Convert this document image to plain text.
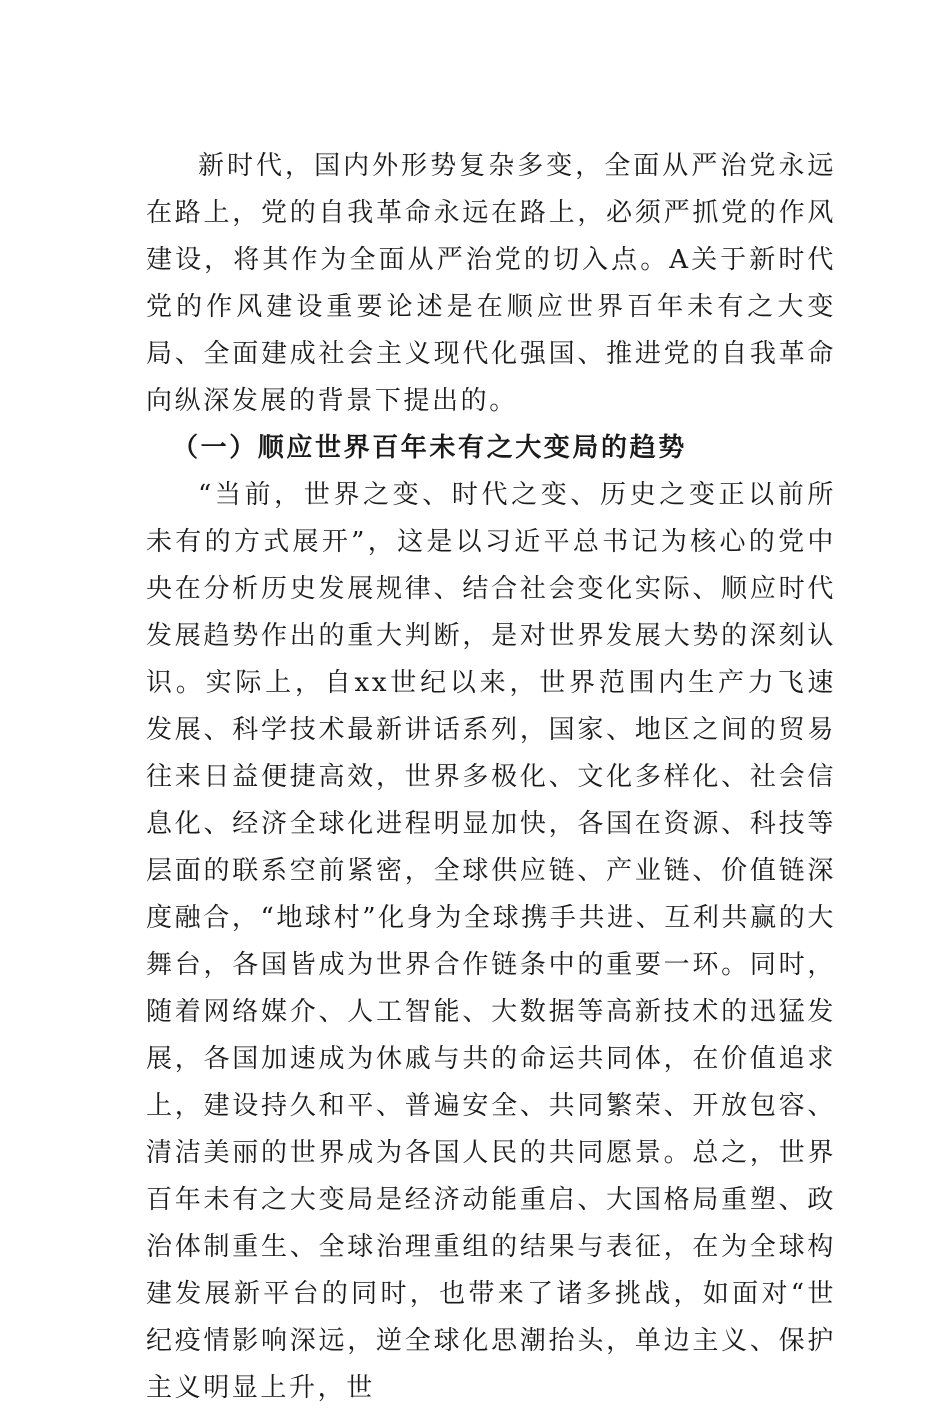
新时代，国内外形势复杂多变，全面从严治党永远在路上，党的自我革命永远在路上，必须严抓党的作风建设，将其作为全面从严治党的切入点。A关于新时代党的作风建设重要论述是在顺应世界百年未有之大变局、全面建成社会主义现代化强国、推进党的自我革命向纵深发展的背景下提出的。

（一）顺应世界百年未有之大变局的趋势

“当前，世界之变、时代之变、历史之变正以前所未有的方式展开”，这是以习近平总书记为核心的党中央在分析历史发展规律、结合社会变化实际、顺应时代发展趋势作出的重大判断，是对世界发展大势的深刻认识。实际上，自xx世纪以来，世界范围内生产力飞速发展、科学技术最新讲话系列，国家、地区之间的贸易往来日益便捷高效，世界多极化、文化多样化、社会信息化、经济全球化进程明显加快，各国在资源、科技等层面的联系空前紧密，全球供应链、产业链、价值链深度融合，“地球村”化身为全球携手共进、互利共赢的大舞台，各国皆成为世界合作链条中的重要一环。同时，随着网络媒介、人工智能、大数据等高新技术的迅猛发展，各国加速成为休戚与共的命运共同体，在价值追求上，建设持久和平、普遍安全、共同繁荣、开放包容、清洁美丽的世界成为各国人民的共同愿景。总之，世界百年未有之大变局是经济动能重启、大国格局重塑、政治体制重生、全球治理重组的结果与表征，在为全球构建发展新平台的同时，也带来了诸多挑战，如面对“世纪疫情影响深远，逆全球化思潮抬头，单边主义、保护主义明显上升，世
